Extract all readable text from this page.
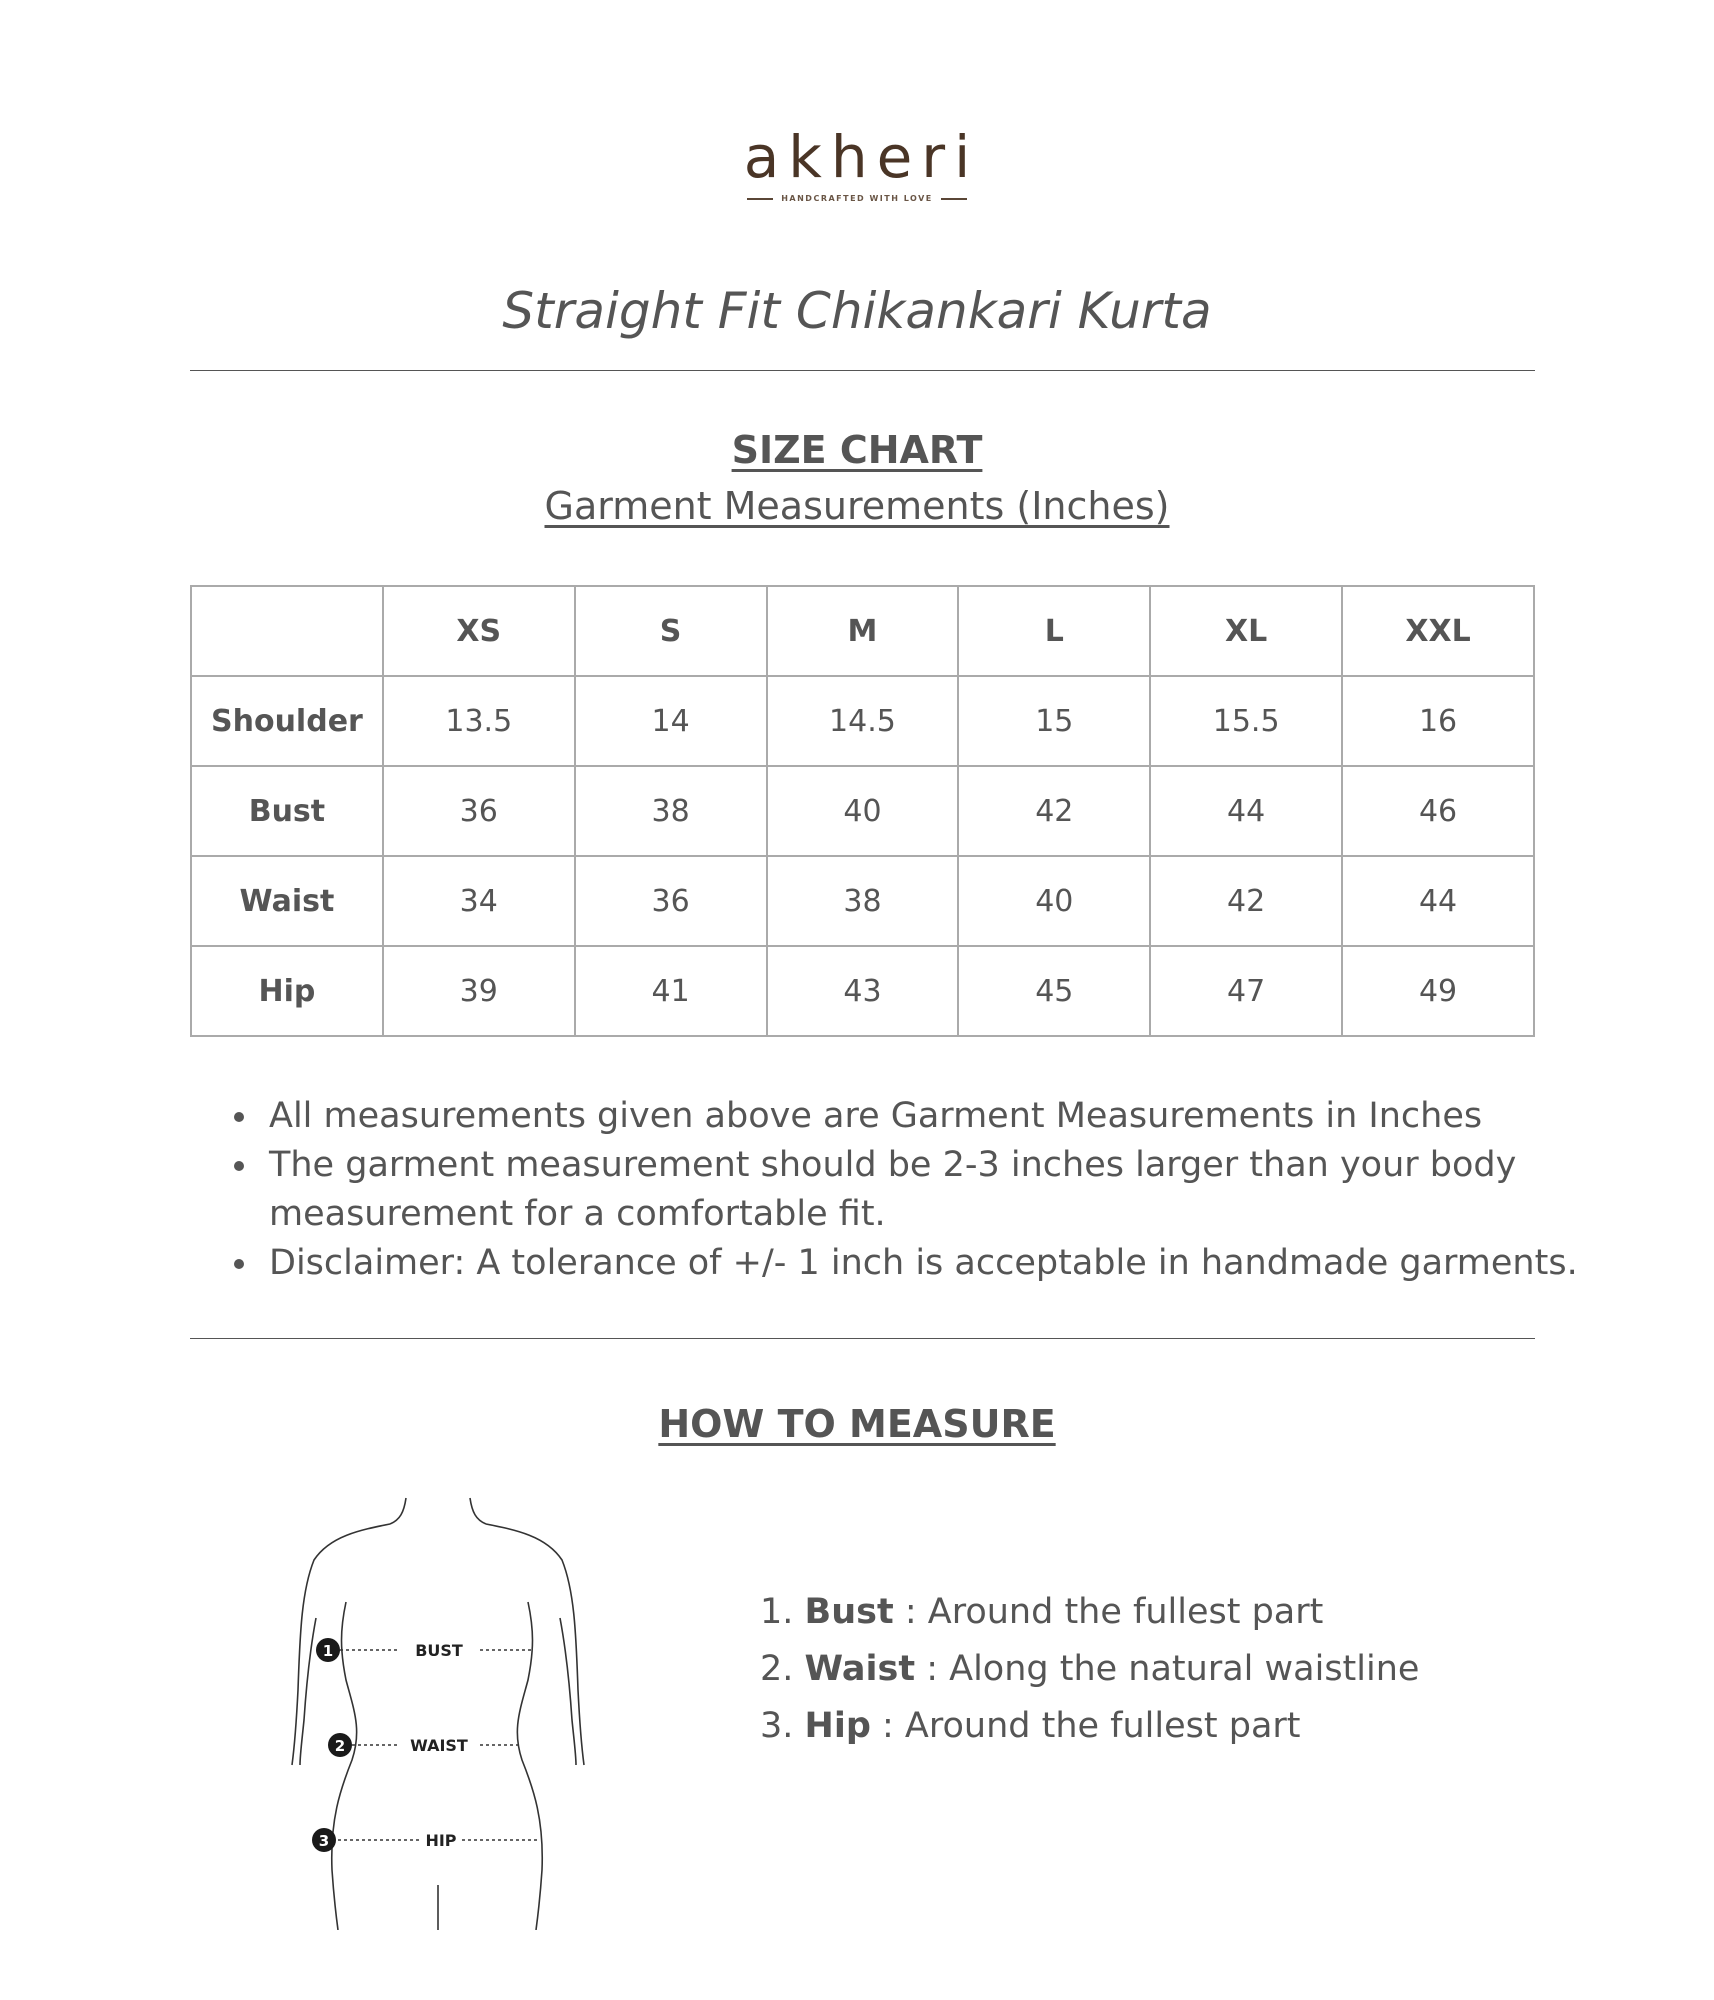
akheri
HANDCRAFTED WITH LOVE
Straight Fit Chikankari Kurta
SIZE CHART
Garment Measurements (Inches)
	XS	S	M	L	XL	XXL
Shoulder	13.5	14	14.5	15	15.5	16
Bust	36	38	40	42	44	46
Waist	34	36	38	40	42	44
Hip	39	41	43	45	47	49
• All measurements given above are Garment Measurements in Inches
• The garment measurement should be 2-3 inches larger than your body measurement for a comfortable fit.
• Disclaimer: A tolerance of +/- 1 inch is acceptable in handmade garments.
HOW TO MEASURE
1	BUST
2	WAIST
3	HIP
1. Bust : Around the fullest part
2. Waist : Along the natural waistline
3. Hip : Around the fullest part
